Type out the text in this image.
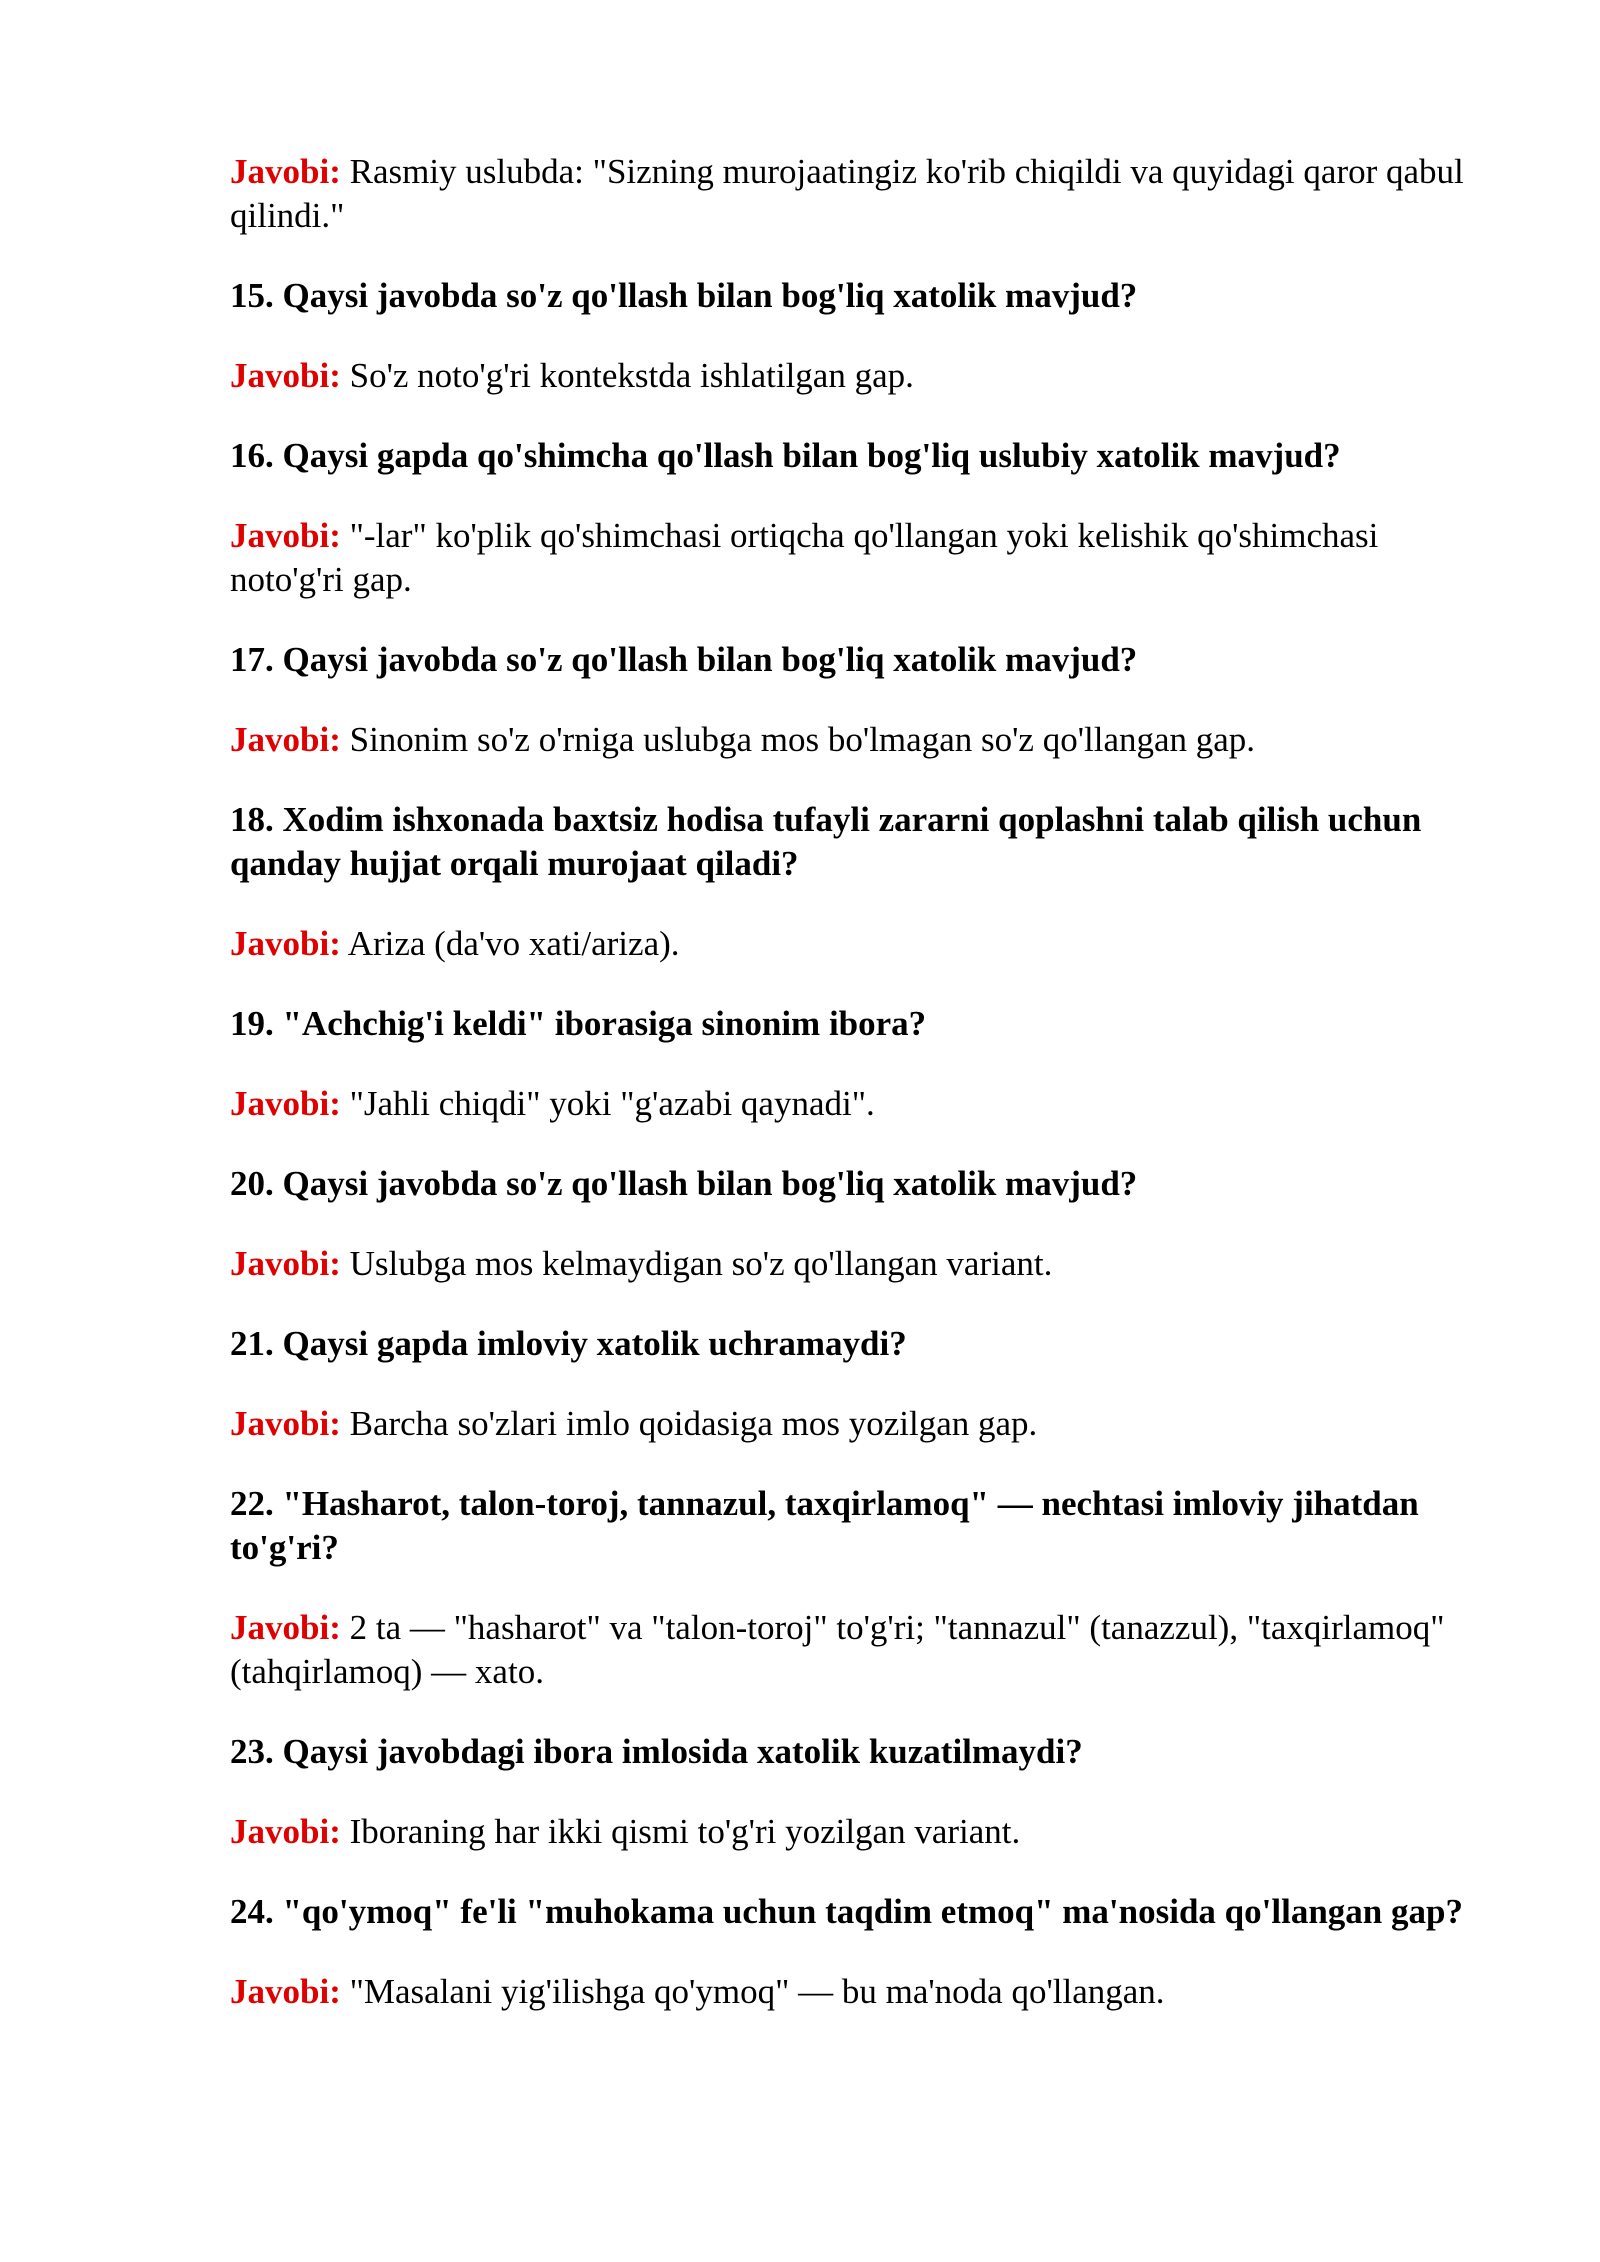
Javobi: Rasmiy uslubda: "Sizning murojaatingiz ko'rib chiqildi va quyidagi qaror qabul qilindi."

15. Qaysi javobda so'z qo'llash bilan bog'liq xatolik mavjud?

Javobi: So'z noto'g'ri kontekstda ishlatilgan gap.

16. Qaysi gapda qo'shimcha qo'llash bilan bog'liq uslubiy xatolik mavjud?

Javobi: "-lar" ko'plik qo'shimchasi ortiqcha qo'llangan yoki kelishik qo'shimchasi noto'g'ri gap.

17. Qaysi javobda so'z qo'llash bilan bog'liq xatolik mavjud?

Javobi: Sinonim so'z o'rniga uslubga mos bo'lmagan so'z qo'llangan gap.

18. Xodim ishxonada baxtsiz hodisa tufayli zararni qoplashni talab qilish uchun qanday hujjat orqali murojaat qiladi?

Javobi: Ariza (da'vo xati/ariza).

19. "Achchig'i keldi" iborasiga sinonim ibora?

Javobi: "Jahli chiqdi" yoki "g'azabi qaynadi".

20. Qaysi javobda so'z qo'llash bilan bog'liq xatolik mavjud?

Javobi: Uslubga mos kelmaydigan so'z qo'llangan variant.

21. Qaysi gapda imloviy xatolik uchramaydi?

Javobi: Barcha so'zlari imlo qoidasiga mos yozilgan gap.

22. "Hasharot, talon-toroj, tannazul, taxqirlamoq" — nechtasi imloviy jihatdan to'g'ri?

Javobi: 2 ta — "hasharot" va "talon-toroj" to'g'ri; "tannazul" (tanazzul), "taxqirlamoq" (tahqirlamoq) — xato.

23. Qaysi javobdagi ibora imlosida xatolik kuzatilmaydi?

Javobi: Iboraning har ikki qismi to'g'ri yozilgan variant.

24. "qo'ymoq" fe'li "muhokama uchun taqdim etmoq" ma'nosida qo'llangan gap?

Javobi: "Masalani yig'ilishga qo'ymoq" — bu ma'noda qo'llangan.
